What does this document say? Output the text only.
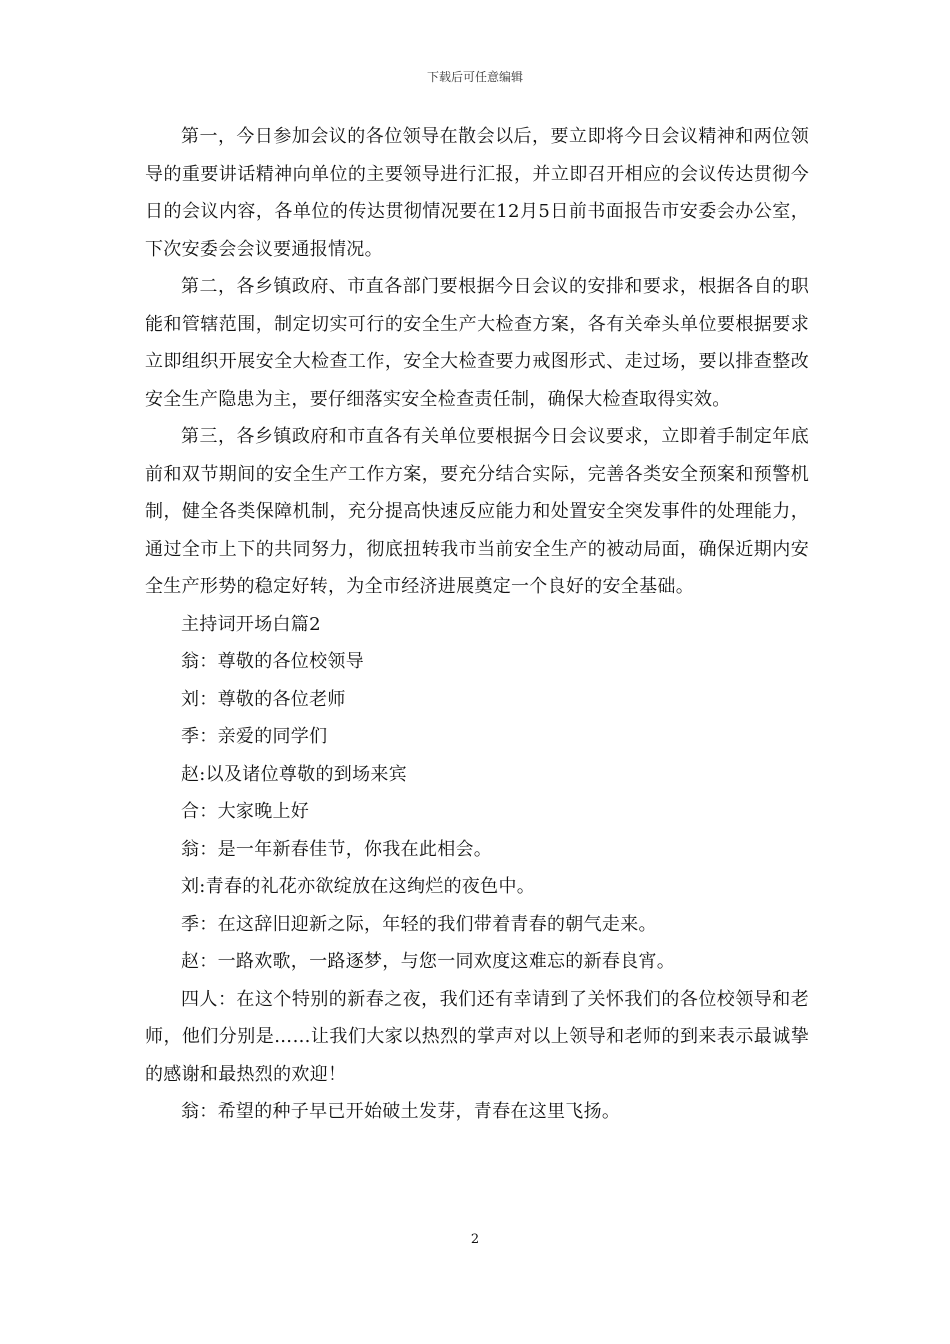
下载后可任意编辑

第一，今日参加会议的各位领导在散会以后，要立即将今日会议精神和两位领导的重要讲话精神向单位的主要领导进行汇报，并立即召开相应的会议传达贯彻今日的会议内容，各单位的传达贯彻情况要在12月5日前书面报告市安委会办公室，下次安委会会议要通报情况。

第二，各乡镇政府、市直各部门要根据今日会议的安排和要求，根据各自的职能和管辖范围，制定切实可行的安全生产大检查方案，各有关牵头单位要根据要求立即组织开展安全大检查工作，安全大检查要力戒图形式、走过场，要以排查整改安全生产隐患为主，要仔细落实安全检查责任制，确保大检查取得实效。

第三，各乡镇政府和市直各有关单位要根据今日会议要求，立即着手制定年底前和双节期间的安全生产工作方案，要充分结合实际，完善各类安全预案和预警机制，健全各类保障机制，充分提高快速反应能力和处置安全突发事件的处理能力，通过全市上下的共同努力，彻底扭转我市当前安全生产的被动局面，确保近期内安全生产形势的稳定好转，为全市经济进展奠定一个良好的安全基础。

主持词开场白篇2

翁：尊敬的各位校领导

刘：尊敬的各位老师

季：亲爱的同学们

赵:以及诸位尊敬的到场来宾

合：大家晚上好

翁：是一年新春佳节，你我在此相会。

刘:青春的礼花亦欲绽放在这绚烂的夜色中。

季：在这辞旧迎新之际，年轻的我们带着青春的朝气走来。

赵：一路欢歌，一路逐梦，与您一同欢度这难忘的新春良宵。

四人：在这个特别的新春之夜，我们还有幸请到了关怀我们的各位校领导和老师，他们分别是……让我们大家以热烈的掌声对以上领导和老师的到来表示最诚挚的感谢和最热烈的欢迎！

翁：希望的种子早已开始破土发芽，青春在这里飞扬。

2
